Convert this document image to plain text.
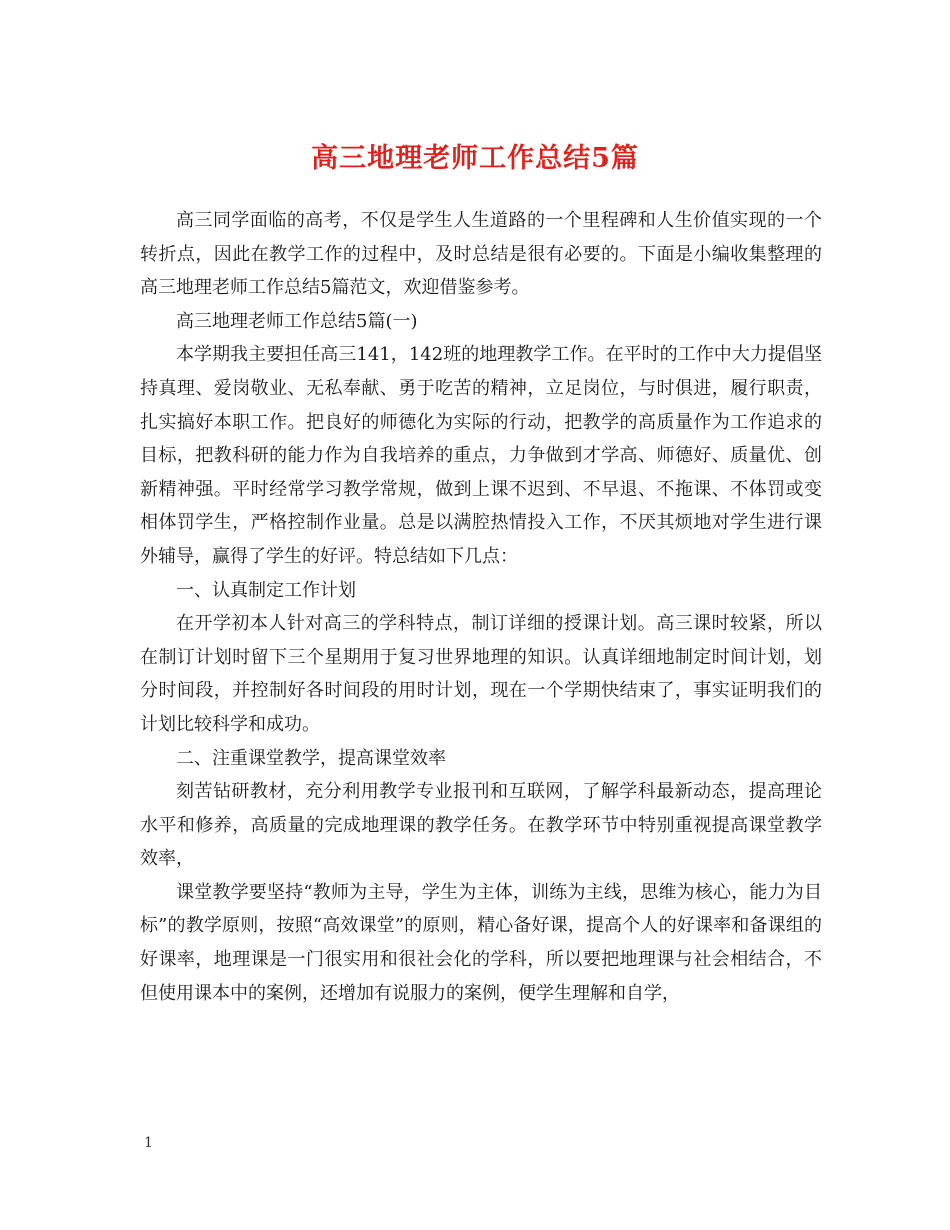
高三地理老师工作总结5篇

高三同学面临的高考，不仅是学生人生道路的一个里程碑和人生价值实现的一个转折点，因此在教学工作的过程中，及时总结是很有必要的。下面是小编收集整理的高三地理老师工作总结5篇范文，欢迎借鉴参考。

高三地理老师工作总结5篇(一)

本学期我主要担任高三141，142班的地理教学工作。在平时的工作中大力提倡坚持真理、爱岗敬业、无私奉献、勇于吃苦的精神，立足岗位，与时俱进，履行职责，扎实搞好本职工作。把良好的师德化为实际的行动，把教学的高质量作为工作追求的目标，把教科研的能力作为自我培养的重点，力争做到才学高、师德好、质量优、创新精神强。平时经常学习教学常规，做到上课不迟到、不早退、不拖课、不体罚或变相体罚学生，严格控制作业量。总是以满腔热情投入工作，不厌其烦地对学生进行课外辅导，赢得了学生的好评。特总结如下几点：

一、认真制定工作计划

在开学初本人针对高三的学科特点，制订详细的授课计划。高三课时较紧，所以在制订计划时留下三个星期用于复习世界地理的知识。认真详细地制定时间计划，划分时间段，并控制好各时间段的用时计划，现在一个学期快结束了，事实证明我们的计划比较科学和成功。

二、注重课堂教学，提高课堂效率

刻苦钻研教材，充分利用教学专业报刊和互联网，了解学科最新动态，提高理论水平和修养，高质量的完成地理课的教学任务。在教学环节中特别重视提高课堂教学效率，

课堂教学要坚持“教师为主导，学生为主体，训练为主线，思维为核心，能力为目标”的教学原则，按照“高效课堂”的原则，精心备好课，提高个人的好课率和备课组的好课率，地理课是一门很实用和很社会化的学科，所以要把地理课与社会相结合，不但使用课本中的案例，还增加有说服力的案例，便学生理解和自学，

1
